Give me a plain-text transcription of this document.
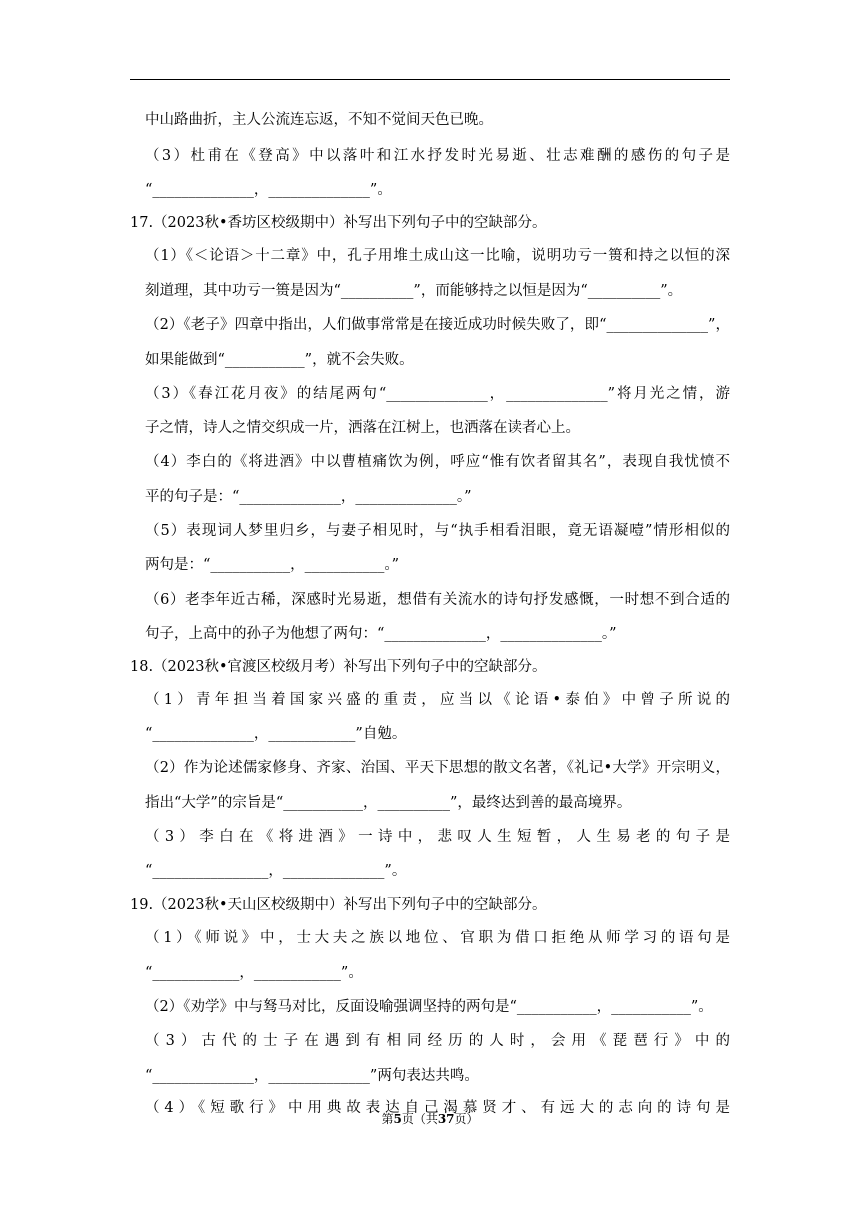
中山路曲折，主人公流连忘返，不知不觉间天色已晚。
（3）杜甫在《登高》中以落叶和江水抒发时光易逝、壮志难酬的感伤的句子是
“______________，______________”。
17.（2023秋•香坊区校级期中）补写出下列句子中的空缺部分。
（1）《＜论语＞十二章》中，孔子用堆土成山这一比喻，说明功亏一篑和持之以恒的深
刻道理，其中功亏一篑是因为“__________”，而能够持之以恒是因为“__________”。
（2）《老子》四章中指出，人们做事常常是在接近成功时候失败了，即“______________”，
如果能做到“___________”，就不会失败。
（3）《春江花月夜》的结尾两句“______________，______________”将月光之情，游
子之情，诗人之情交织成一片，洒落在江树上，也洒落在读者心上。
（4）李白的《将进酒》中以曹植痛饮为例，呼应“惟有饮者留其名”，表现自我忧愤不
平的句子是：“______________，______________。”
（5）表现词人梦里归乡，与妻子相见时，与“执手相看泪眼，竟无语凝噎”情形相似的
两句是：“___________，___________。”
（6）老李年近古稀，深感时光易逝，想借有关流水的诗句抒发感慨，一时想不到合适的
句子，上高中的孙子为他想了两句：“______________，______________。”
18.（2023秋•官渡区校级月考）补写出下列句子中的空缺部分。
（1）青年担当着国家兴盛的重责，应当以《论语•泰伯》中曾子所说的
“______________，____________”自勉。
（2）作为论述儒家修身、齐家、治国、平天下思想的散文名著，《礼记•大学》开宗明义，
指出“大学”的宗旨是“___________，__________”，最终达到善的最高境界。
（3）李白在《将进酒》一诗中，悲叹人生短暂，人生易老的句子是
“________________，______________”。
19.（2023秋•天山区校级期中）补写出下列句子中的空缺部分。
（1）《师说》中，士大夫之族以地位、官职为借口拒绝从师学习的语句是
“____________，____________”。
（2）《劝学》中与驽马对比，反面设喻强调坚持的两句是“___________，___________”。
（3）古代的士子在遇到有相同经历的人时，会用《琵琶行》中的
“______________，______________”两句表达共鸣。
（4）《短歌行》中用典故表达自己渴慕贤才、有远大的志向的诗句是
第5页（共37页）
